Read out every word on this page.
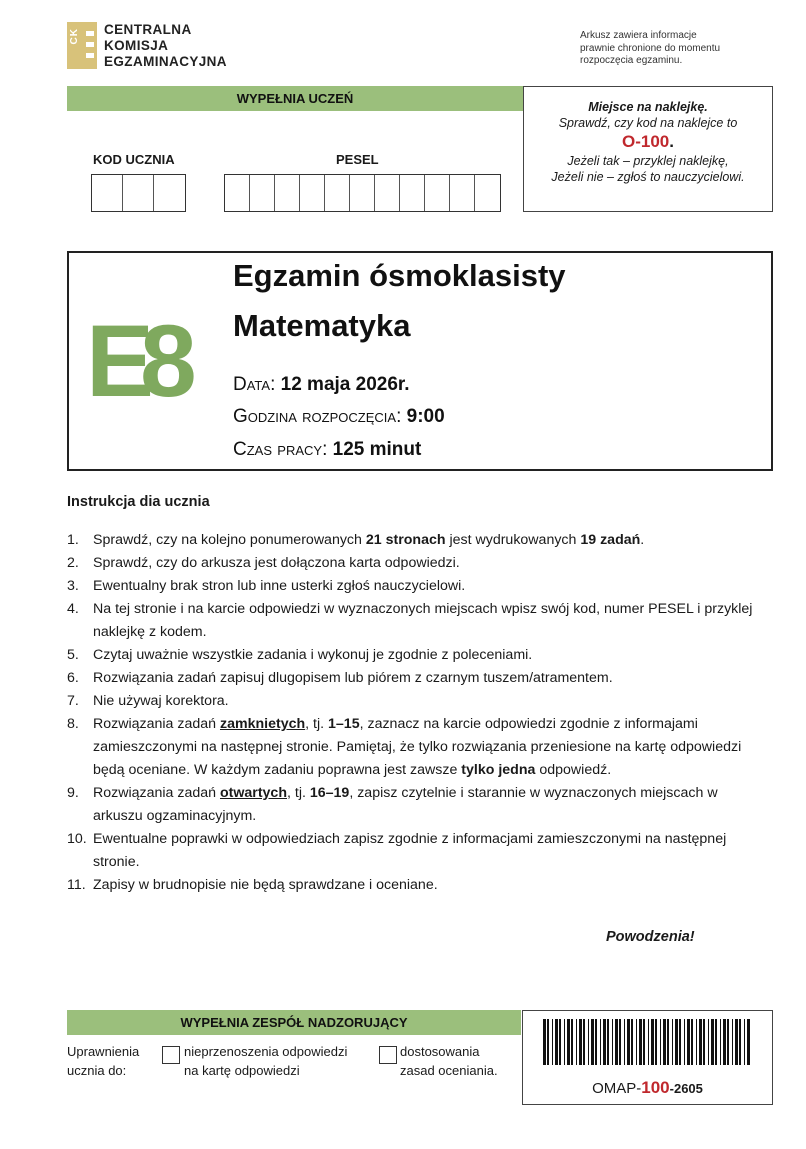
CK CENTRALNA
KOMISJA
EGZAMINACYJNA
Arkusz zawiera informacje
prawnie chronione do momentu
rozpoczęcia egzaminu.
WYPEŁNIA UCZEŃ
KOD UCZNIA	PESEL
Miejsce na naklejkę.
Sprawdź, czy kod na naklejce to
O-100.
Jeżeli tak – przyklej naklejkę,
Jeżeli nie – zgłoś to nauczycielowi.
E8
Egzamin ósmoklasisty
Matematyka
Data: 12 maja 2026r.
Godzina rozpoczęcia: 9:00
Czas pracy: 125 minut
Instrukcja dia ucznia
1. Sprawdź, czy na kolejno ponumerowanych 21 stronach jest wydrukowanych 19 zadań.
2. Sprawdź, czy do arkusza jest dołączona karta odpowiedzi.
3. Ewentualny brak stron lub inne usterki zgłoś nauczycielowi.
4. Na tej stronie i na karcie odpowiedzi w wyznaczonych miejscach wpisz swój kod, numer PESEL i przyklej naklejkę z kodem.
5. Czytaj uważnie wszystkie zadania i wykonuj je zgodnie z poleceniami.
6. Rozwiązania zadań zapisuj dlugopisem lub piórem z czarnym tuszem/atramentem.
7. Nie używaj korektora.
8. Rozwiązania zadań zamknietych, tj. 1–15, zaznacz na karcie odpowiedzi zgodnie z informajami zamieszczonymi na następnej stronie. Pamiętaj, że tylko rozwiązania przeniesione na kartę odpowiedzi będą oceniane. W każdym zadaniu poprawna jest zawsze tylko jedna odpowiedź.
9. Rozwiązania zadań otwartych, tj. 16–19, zapisz czytelnie i starannie w wyznaczonych miejscach w arkuszu ogzaminacyjnym.
10. Ewentualne poprawki w odpowiedziach zapisz zgodnie z informacjami zamieszczonymi na następnej stronie.
11. Zapisy w brudnopisie nie będą sprawdzane i oceniane.
Powodzenia!
WYPEŁNIA ZESPÓŁ NADZORUJĄCY
Uprawnienia
ucznia do:
nieprzenoszenia odpowiedzi
na kartę odpowiedzi
dostosowania
zasad oceniania.
OMAP-100-2605
